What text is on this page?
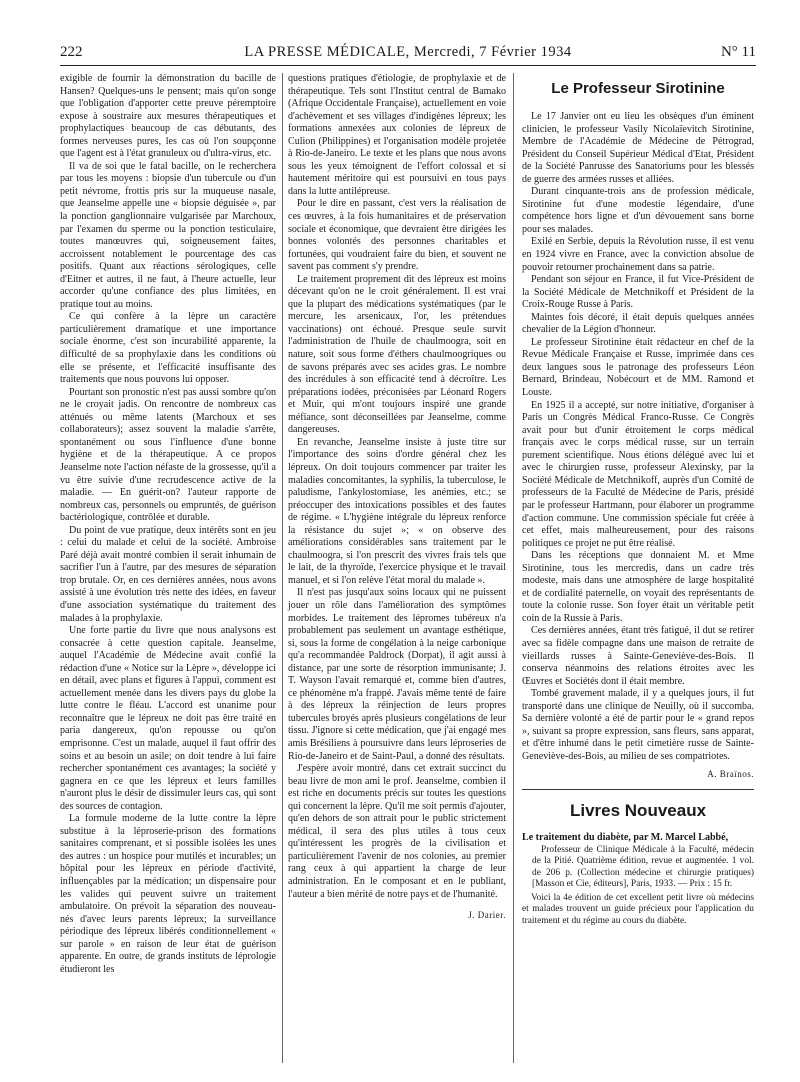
222	LA PRESSE MÉDICALE, Mercredi, 7 Février 1934	N° 11

exigible de fournir la démonstration du bacille de Hansen? Quelques-uns le pensent; mais qu'on songe que l'obligation d'apporter cette preuve péremptoire expose à soustraire aux mesures thérapeutiques et prophylactiques beaucoup de cas débutants, des formes nerveuses pures, les cas où l'on soupçonne que l'agent est à l'état granuleux ou d'ultra-virus, etc.

Il va de soi que le fatal bacille, on le recherchera par tous les moyens : biopsie d'un tubercule ou d'un petit névrome, frottis pris sur la muqueuse nasale, que Jeanselme appelle une « biopsie déguisée », par la ponction ganglionnaire vulgarisée par Marchoux, par l'examen du sperme ou la ponction testiculaire, toutes manœuvres qui, soigneusement faites, accroissent notablement le pourcentage des cas positifs. Quant aux réactions sérologiques, celle d'Eitner et autres, il ne faut, à l'heure actuelle, leur accorder qu'une confiance des plus limitées, en pratique tout au moins.

Ce qui confère à la lèpre un caractère particulièrement dramatique et une importance sociale énorme, c'est son incurabilité apparente, la difficulté de sa prophylaxie dans les conditions où elle se présente, et l'efficacité insuffisante des traitements que nous pouvons lui opposer.

Pourtant son pronostic n'est pas aussi sombre qu'on ne le croyait jadis. On rencontre de nombreux cas atténués ou même latents (Marchoux et ses collaborateurs); assez souvent la maladie s'arrête, spontanément ou sous l'influence d'une bonne hygiène et de la thérapeutique. A ce propos Jeanselme note l'action néfaste de la grossesse, qu'il a vu être suivie d'une recrudescence active de la maladie. — En guérit-on? l'auteur rapporte de nombreux cas, personnels ou empruntés, de guérison bactériologique, contrôlée et durable.

Du point de vue pratique, deux intérêts sont en jeu : celui du malade et celui de la société. Ambroise Paré déjà avait montré combien il serait inhumain de sacrifier l'un à l'autre, par des mesures de séparation trop brutale. Or, en ces dernières années, nous avons assisté à une évolution très nette des idées, en faveur d'une association systématique du traitement des malades à la prophylaxie.

Une forte partie du livre que nous analysons est consacrée à cette question capitale. Jeanselme, auquel l'Académie de Médecine avait confié la rédaction d'une « Notice sur la Lèpre », développe ici en détail, avec plans et figures à l'appui, comment est actuellement menée dans les divers pays du globe la lutte contre le fléau. L'accord est unanime pour reconnaître que le lépreux ne doit pas être traité en paria dangereux, qu'on repousse ou qu'on emprisonne. C'est un malade, auquel il faut offrir des soins et au besoin un asile; on doit tendre à lui faire rechercher spontanément ces avantages; la société y gagnera en ce que les lépreux et leurs familles n'auront plus le désir de dissimuler leurs cas, qui sont des sources de contagion.

La formule moderne de la lutte contre la lèpre substitue à la léproserie-prison des formations sanitaires comprenant, et si possible isolées les unes des autres : un hospice pour mutilés et incurables; un hôpital pour les lépreux en période d'activité, influençables par la médication; un dispensaire pour les valides qui peuvent suivre un traitement ambulatoire. On prévoit la séparation des nouveau-nés d'avec leurs parents lépreux; la surveillance périodique des lépreux libérés conditionnellement « sur parole » en raison de leur état de guérison apparente. En outre, de grands instituts de léprologie étudieront les

questions pratiques d'étiologie, de prophylaxie et de thérapeutique. Tels sont l'Institut central de Bamako (Afrique Occidentale Française), actuellement en voie d'achèvement et ses villages d'indigènes lépreux; les formations annexées aux colonies de lépreux de Culion (Philippines) et l'organisation modèle projetée à Rio-de-Janeiro. Le texte et les plans que nous avons sous les yeux témoignent de l'effort colossal et si hautement méritoire qui est poursuivi en tous pays dans la lutte antilépreuse.

Pour le dire en passant, c'est vers la réalisation de ces œuvres, à la fois humanitaires et de préservation sociale et économique, que devraient être dirigées les bonnes volontés des personnes charitables et fortunées, qui voudraient faire du bien, et souvent ne savent pas comment s'y prendre.

Le traitement proprement dit des lépreux est moins décevant qu'on ne le croit généralement. Il est vrai que la plupart des médications systématiques (par le mercure, les arsenicaux, l'or, les prétendues vaccinations) ont échoué. Presque seule survit l'administration de l'huile de chaulmoogra, soit en nature, soit sous forme d'éthers chaulmoogriques ou de savons préparés avec ses acides gras. Le nombre des incrédules à son efficacité tend à décroître. Les préparations iodées, préconisées par Léonard Rogers et Muir, qui m'ont toujours inspiré une grande méfiance, sont déconseillées par Jeanselme, comme dangereuses.

En revanche, Jeanselme insiste à juste titre sur l'importance des soins d'ordre général chez les lépreux. On doit toujours commencer par traiter les maladies concomitantes, la syphilis, la tuberculose, le paludisme, l'ankylostomiase, les anémies, etc.; se préoccuper des intoxications possibles et des fautes de régime. « L'hygiène intégrale du lépreux renforce la résistance du sujet »; « on observe des améliorations considérables sans traitement par le chaulmoogra, si l'on prescrit des vivres frais tels que le lait, de la thyroïde, l'exercice physique et le travail manuel, et si l'on relève l'état moral du malade ».

Il n'est pas jusqu'aux soins locaux qui ne puissent jouer un rôle dans l'amélioration des symptômes morbides. Le traitement des lépromes tubéreux n'a probablement pas seulement un avantage esthétique, si, sous la forme de congélation à la neige carbonique qu'a recommandée Paldrock (Dorpat), il agit aussi à distance, par une sorte de résorption immunisante; J. T. Wayson l'avait remarqué et, comme bien d'autres, ce phénomène m'a frappé. J'avais même tenté de faire à des lépreux la réinjection de leurs propres tubercules broyés après plusieurs congélations de leur tissu. J'ignore si cette médication, que j'ai engagé mes amis Brésiliens à poursuivre dans leurs léproseries de Rio-de-Janeiro et de Saint-Paul, a donné des résultats.

J'espère avoir montré, dans cet extrait succinct du beau livre de mon ami le prof. Jeanselme, combien il est riche en documents précis sur toutes les questions qui concernent la lèpre. Qu'il me soit permis d'ajouter, qu'en dehors de son attrait pour le public strictement médical, il sera des plus utiles à tous ceux qu'intéressent les progrès de la civilisation et particulièrement l'avenir de nos colonies, au premier rang ceux à qui appartient la charge de leur administration. En le composant et en le publiant, l'auteur a bien mérité de notre pays et de l'humanité.

J. Darier.
Le Professeur Sirotinine

Le 17 Janvier ont eu lieu les obsèques d'un éminent clinicien, le professeur Vasily Nicolaïevitch Sirotinine, Membre de l'Académie de Médecine de Pétrograd, Président du Conseil Supérieur Médical d'Etat, Président de la Société Panrusse des Sanatoriums pour les blessés de guerre des armées russes et alliées.

Durant cinquante-trois ans de profession médicale, Sirotinine fut d'une modestie légendaire, d'une compétence hors ligne et d'un dévouement sans borne pour ses malades.

Exilé en Serbie, depuis la Révolution russe, il est venu en 1924 vivre en France, avec la conviction absolue de pouvoir retourner prochainement dans sa patrie.

Pendant son séjour en France, il fut Vice-Président de la Société Médicale de Metchnikoff et Président de la Croix-Rouge Russe à Paris.

Maintes fois décoré, il était depuis quelques années chevalier de la Légion d'honneur.

Le professeur Sirotinine était rédacteur en chef de la Revue Médicale Française et Russe, imprimée dans ces deux langues sous le patronage des professeurs Léon Bernard, Brindeau, Nobécourt et de MM. Ramond et Louste.

En 1925 il a accepté, sur notre initiative, d'organiser à Paris un Congrès Médical Franco-Russe. Ce Congrès avait pour but d'unir étroitement le corps médical français avec le corps médical russe, sur un terrain purement scientifique. Nous étions délégué avec lui et avec le chirurgien russe, professeur Alexinsky, par la Société Médicale de Metchnikoff, auprès d'un Comité de professeurs de la Faculté de Médecine de Paris, présidé par le professeur Hartmann, pour élaborer un programme d'action commune. Une commission spéciale fut créée à cet effet, mais malheureusement, pour des raisons politiques ce projet ne put être réalisé.

Dans les réceptions que donnaient M. et Mme Sirotinine, tous les mercredis, dans un cadre très modeste, mais dans une atmosphère de large hospitalité et de cordialité paternelle, on voyait des représentants de toute la colonie russe. Son foyer était un véritable petit coin de la Russie à Paris.

Ces dernières années, étant très fatigué, il dut se retirer avec sa fidèle compagne dans une maison de retraite de vieillards russes à Sainte-Geneviève-des-Bois. Il conserva néanmoins des relations étroites avec les Œuvres et Sociétés dont il était membre.

Tombé gravement malade, il y a quelques jours, il fut transporté dans une clinique de Neuilly, où il succomba. Sa dernière volonté a été de partir pour le « grand repos », suivant sa propre expression, sans fleurs, sans apparat, et d'être inhumé dans le petit cimetière russe de Sainte-Geneviève-des-Bois, au milieu de ses compatriotes.

A. Braïnos.
Livres Nouveaux

Le traitement du diabète, par M. Marcel Labbé,

Professeur de Clinique Médicale à la Faculté, médecin de la Pitié. Quatrième édition, revue et augmentée. 1 vol. de 206 p. (Collection médecine et chirurgie pratiques) [Masson et Cie, éditeurs], Paris, 1933. — Prix : 15 fr.

Voici la 4e édition de cet excellent petit livre où médecins et malades trouvent un guide précieux pour l'application du traitement et du régime au cours du diabète.
